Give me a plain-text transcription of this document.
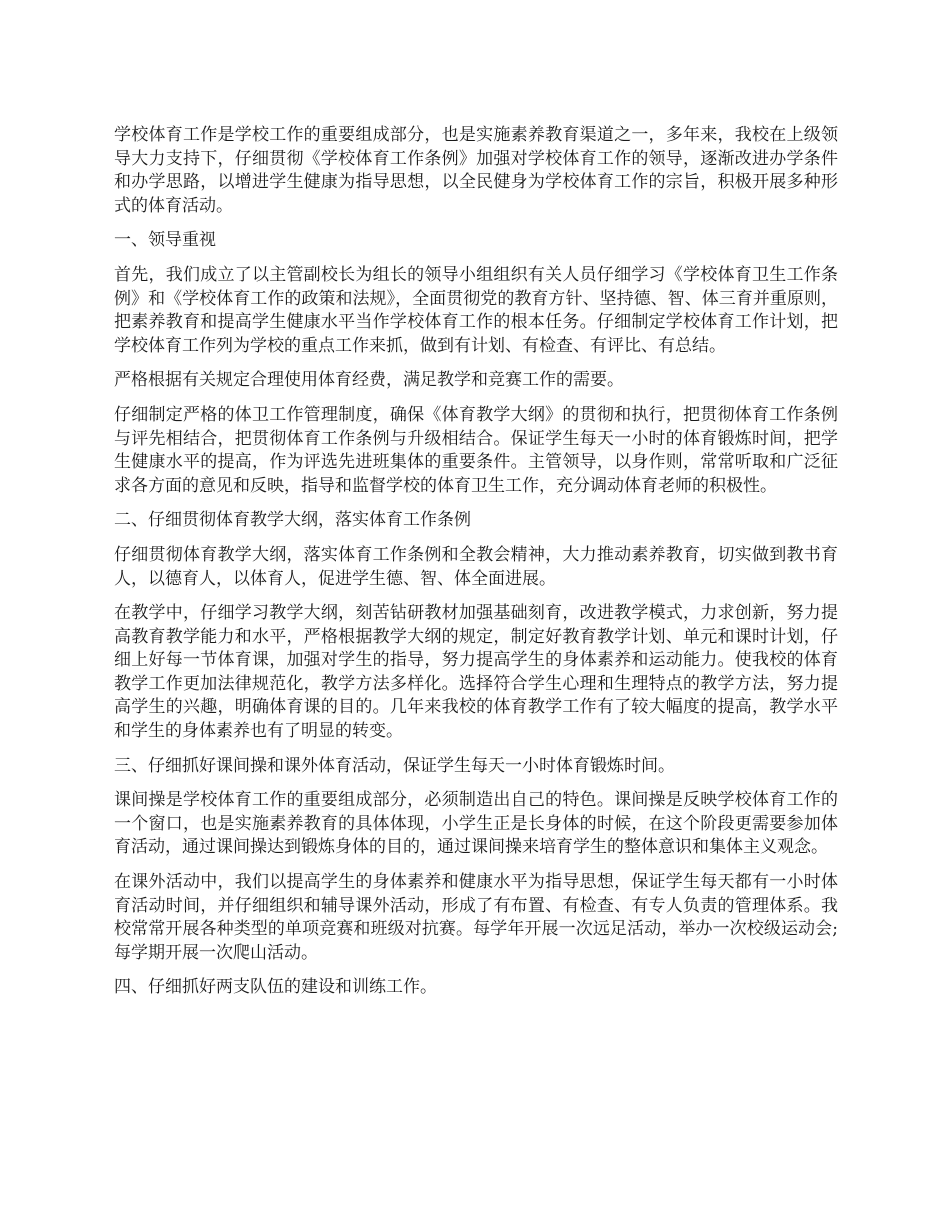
学校体育工作是学校工作的重要组成部分，也是实施素养教育渠道之一，多年来，我校在上级领导大力支持下，仔细贯彻《学校体育工作条例》加强对学校体育工作的领导，逐渐改进办学条件和办学思路，以增进学生健康为指导思想，以全民健身为学校体育工作的宗旨，积极开展多种形式的体育活动。

一、领导重视

首先，我们成立了以主管副校长为组长的领导小组组织有关人员仔细学习《学校体育卫生工作条例》和《学校体育工作的政策和法规》，全面贯彻党的教育方针、坚持德、智、体三育并重原则，把素养教育和提高学生健康水平当作学校体育工作的根本任务。仔细制定学校体育工作计划，把学校体育工作列为学校的重点工作来抓，做到有计划、有检查、有评比、有总结。

严格根据有关规定合理使用体育经费，满足教学和竞赛工作的需要。

仔细制定严格的体卫工作管理制度，确保《体育教学大纲》的贯彻和执行，把贯彻体育工作条例与评先相结合，把贯彻体育工作条例与升级相结合。保证学生每天一小时的体育锻炼时间，把学生健康水平的提高，作为评选先进班集体的重要条件。主管领导，以身作则，常常听取和广泛征求各方面的意见和反映，指导和监督学校的体育卫生工作，充分调动体育老师的积极性。

二、仔细贯彻体育教学大纲，落实体育工作条例

仔细贯彻体育教学大纲，落实体育工作条例和全教会精神，大力推动素养教育，切实做到教书育人，以德育人，以体育人，促进学生德、智、体全面进展。

在教学中，仔细学习教学大纲，刻苦钻研教材加强基础刻育，改进教学模式，力求创新，努力提高教育教学能力和水平，严格根据教学大纲的规定，制定好教育教学计划、单元和课时计划，仔细上好每一节体育课，加强对学生的指导，努力提高学生的身体素养和运动能力。使我校的体育教学工作更加法律规范化，教学方法多样化。选择符合学生心理和生理特点的教学方法，努力提高学生的兴趣，明确体育课的目的。几年来我校的体育教学工作有了较大幅度的提高，教学水平和学生的身体素养也有了明显的转变。

三、仔细抓好课间操和课外体育活动，保证学生每天一小时体育锻炼时间。

课间操是学校体育工作的重要组成部分，必须制造出自己的特色。课间操是反映学校体育工作的一个窗口，也是实施素养教育的具体体现，小学生正是长身体的时候，在这个阶段更需要参加体育活动，通过课间操达到锻炼身体的目的，通过课间操来培育学生的整体意识和集体主义观念。

在课外活动中，我们以提高学生的身体素养和健康水平为指导思想，保证学生每天都有一小时体育活动时间，并仔细组织和辅导课外活动，形成了有布置、有检查、有专人负责的管理体系。我校常常开展各种类型的单项竞赛和班级对抗赛。每学年开展一次远足活动，举办一次校级运动会;每学期开展一次爬山活动。

四、仔细抓好两支队伍的建设和训练工作。
